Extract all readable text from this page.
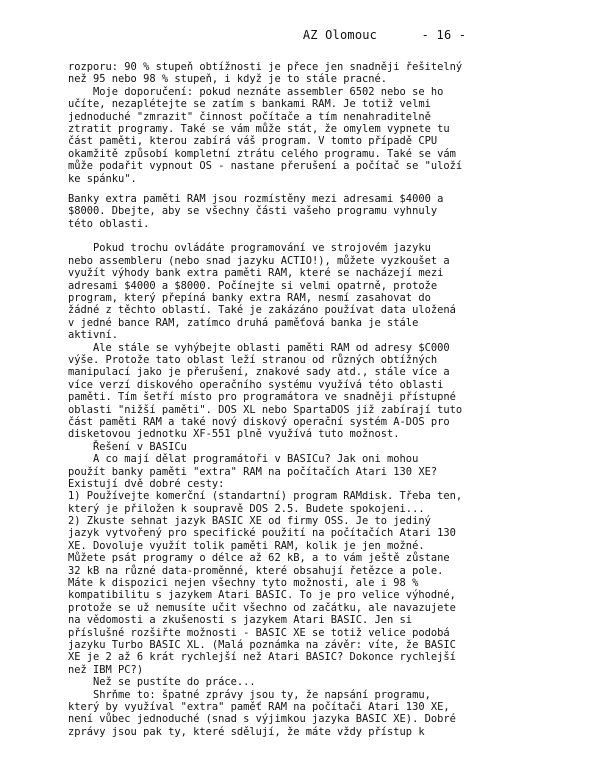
AZ Olomouc	- 16 -

rozporu: 90 % stupeň obtížnosti je přece jen snadněji řešitelný
než 95 nebo 98 % stupeň, i když je to stále pracné.
Moje doporučení: pokud neznáte assembler 6502 nebo se ho
učíte, nezaplétejte se zatím s bankami RAM. Je totiž velmi
jednoduché "zmrazit" činnost počítače a tím nenahraditelně
ztratit programy. Také se vám může stát, že omylem vypnete tu
část paměti, kterou zabírá váš program. V tomto případě CPU
okamžitě způsobí kompletní ztrátu celého programu. Také se vám
může podařit vypnout OS - nastane přerušení a počítač se "uloží
ke spánku".
Banky extra paměti RAM jsou rozmístěny mezi adresami $4000 a
$8000. Dbejte, aby se všechny části vašeho programu vyhnuly
této oblasti.
Pokud trochu ovládáte programování ve strojovém jazyku
nebo assembleru (nebo snad jazyku ACTIO!), můžete vyzkoušet a
využít výhody bank extra paměti RAM, které se nacházejí mezi
adresami $4000 a $8000. Počínejte si velmi opatrně, protože
program, který přepíná banky extra RAM, nesmí zasahovat do
žádné z těchto oblastí. Také je zakázáno používat data uložená
v jedné bance RAM, zatímco druhá paměťová banka je stále
aktivní.
Ale stále se vyhýbejte oblasti paměti RAM od adresy $C000
výše. Protože tato oblast leží stranou od různých obtížných
manipulací jako je přerušení, znakové sady atd., stále více a
více verzí diskového operačního systému využívá této oblasti
paměti. Tím šetří místo pro programátora ve snadněji přístupné
oblasti "nižší paměti". DOS XL nebo SpartaDOS již zabírají tuto
část paměti RAM a také nový diskový operační systém A-DOS pro
disketovou jednotku XF-551 plně využívá tuto možnost.
Řešení v BASICu
A co mají dělat programátoři v BASICu? Jak oni mohou
použít banky paměti "extra" RAM na počítačích Atari 130 XE?
Existují dvě dobré cesty:
1) Používejte komerční (standartní) program RAMdisk. Třeba ten,
který je přiložen k soupravě DOS 2.5. Budete spokojeni...
2) Zkuste sehnat jazyk BASIC XE od firmy OSS. Je to jediný
jazyk vytvořený pro specifické použití na počítačích Atari 130
XE. Dovoluje využít tolik paměti RAM, kolik je jen možné.
Můžete psát programy o délce až 62 kB, a to vám ještě zůstane
32 kB na různé data-proměnné, které obsahují řetězce a pole.
Máte k dispozici nejen všechny tyto možnosti, ale i 98 %
kompatibilitu s jazykem Atari BASIC. To je pro velice výhodné,
protože se už nemusíte učit všechno od začátku, ale navazujete
na vědomosti a zkušenosti s jazykem Atari BASIC. Jen si
příslušné rozšiřte možnosti - BASIC XE se totiž velice podobá
jazyku Turbo BASIC XL. (Malá poznámka na závěr: víte, že BASIC
XE je 2 až 6 krát rychlejší než Atari BASIC? Dokonce rychlejší
než IBM PC?)
Než se pustíte do práce...
Shrňme to: špatné zprávy jsou ty, že napsání programu,
který by využíval "extra" paměť RAM na počítači Atari 130 XE,
není vůbec jednoduché (snad s výjimkou jazyka BASIC XE). Dobré
zprávy jsou pak ty, které sdělují, že máte vždy přístup k
